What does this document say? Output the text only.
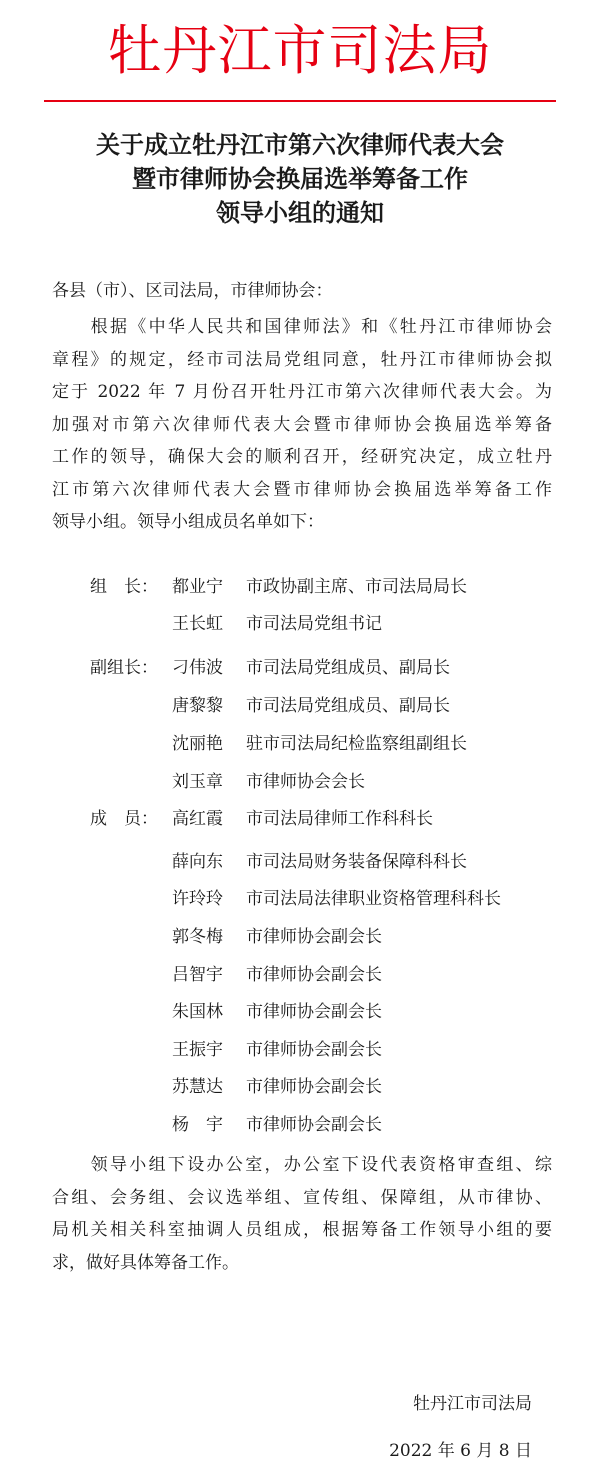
牡丹江市司法局
关于成立牡丹江市第六次律师代表大会
暨市律师协会换届选举筹备工作
领导小组的通知
各县（市）、区司法局，市律师协会：
　　根据《中华人民共和国律师法》和《牡丹江市律师协会
章程》的规定，经市司法局党组同意，牡丹江市律师协会拟
定于 2022 年 7 月份召开牡丹江市第六次律师代表大会。为
加强对市第六次律师代表大会暨市律师协会换届选举筹备
工作的领导，确保大会的顺利召开，经研究决定，成立牡丹
江市第六次律师代表大会暨市律师协会换届选举筹备工作
领导小组。领导小组成员名单如下：
组　长： 都业宁	市政协副主席、市司法局局长
王长虹	市司法局党组书记
副组长： 刁伟波	市司法局党组成员、副局长
唐黎黎	市司法局党组成员、副局长
沈丽艳	驻市司法局纪检监察组副组长
刘玉章	市律师协会会长
成　员： 高红霞	市司法局律师工作科科长
薛向东	市司法局财务装备保障科科长
许玲玲	市司法局法律职业资格管理科科长
郭冬梅	市律师协会副会长
吕智宇	市律师协会副会长
朱国林	市律师协会副会长
王振宇	市律师协会副会长
苏慧达	市律师协会副会长
杨　宇	市律师协会副会长
　　领导小组下设办公室，办公室下设代表资格审查组、综
合组、会务组、会议选举组、宣传组、保障组，从市律协、
局机关相关科室抽调人员组成，根据筹备工作领导小组的要
求，做好具体筹备工作。
牡丹江市司法局
2022 年 6 月 8 日
